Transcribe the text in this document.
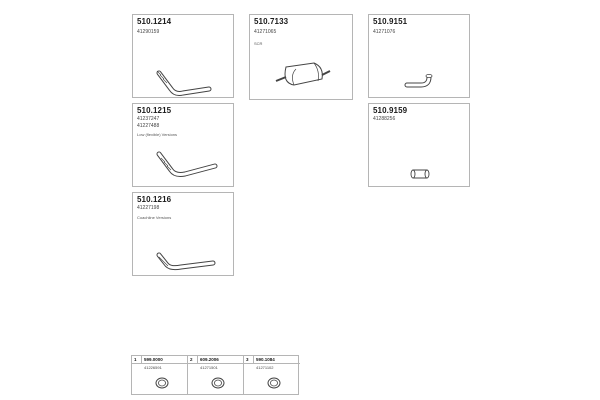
510.1214
41290159
510.7133
41271065
SCR
510.9151
41271076
510.1215
41237247
41227488
Low (flexible) Versions
510.9159
41288256
510.1216
41227198
Coachline Versions
1 599.0000
41226591
2 609.2006
41271501
3 590.1084
41271102
